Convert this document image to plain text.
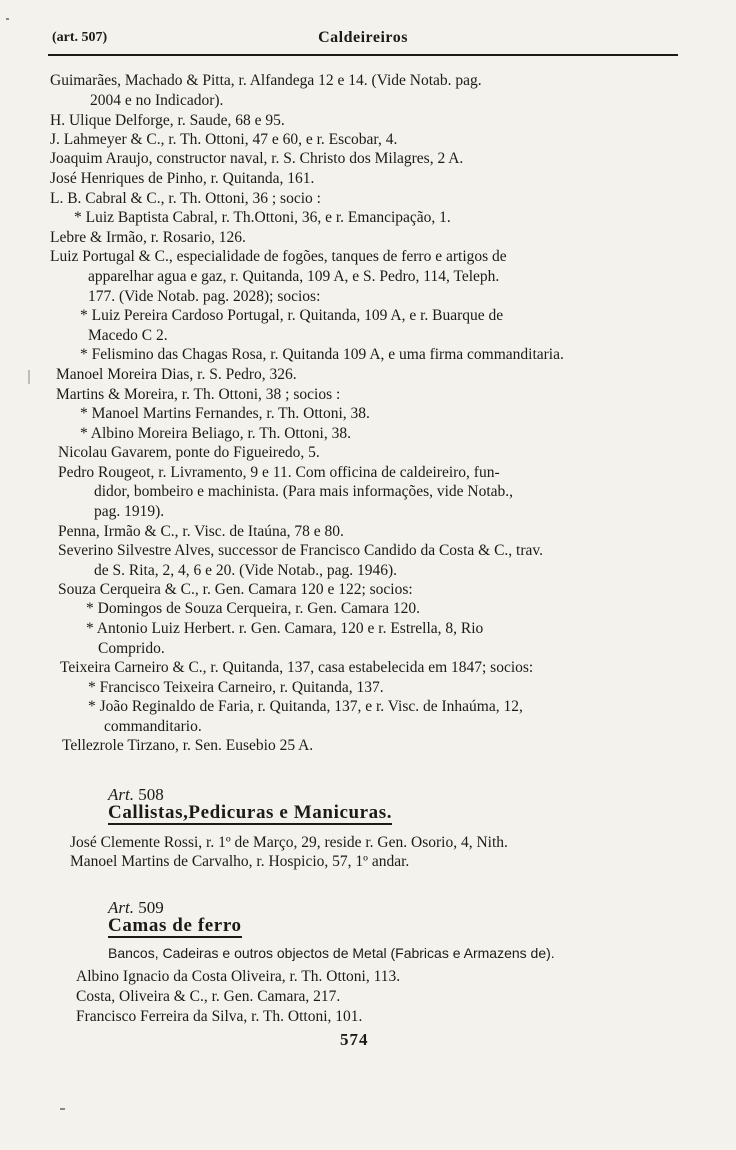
(art. 507)	Caldeireiros
Guimarães, Machado & Pitta, r. Alfandega 12 e 14. (Vide Notab. pag.
2004 e no Indicador).
H. Ulique Delforge, r. Saude, 68 e 95.
J. Lahmeyer & C., r. Th. Ottoni, 47 e 60, e r. Escobar, 4.
Joaquim Araujo, constructor naval, r. S. Christo dos Milagres, 2 A.
José Henriques de Pinho, r. Quitanda, 161.
L. B. Cabral & C., r. Th. Ottoni, 36 ; socio :
* Luiz Baptista Cabral, r. Th.Ottoni, 36, e r. Emancipação, 1.
Lebre & Irmão, r. Rosario, 126.
Luiz Portugal & C., especialidade de fogões, tanques de ferro e artigos de
apparelhar agua e gaz, r. Quitanda, 109 A, e S. Pedro, 114, Teleph.
177. (Vide Notab. pag. 2028); socios:
* Luiz Pereira Cardoso Portugal, r. Quitanda, 109 A, e r. Buarque de
Macedo C 2.
* Felismino das Chagas Rosa, r. Quitanda 109 A, e uma firma commanditaria.
Manoel Moreira Dias, r. S. Pedro, 326.
Martins & Moreira, r. Th. Ottoni, 38 ; socios :
* Manoel Martins Fernandes, r. Th. Ottoni, 38.
* Albino Moreira Beliago, r. Th. Ottoni, 38.
Nicolau Gavarem, ponte do Figueiredo, 5.
Pedro Rougeot, r. Livramento, 9 e 11. Com officina de caldeireiro, fun-
didor, bombeiro e machinista. (Para mais informações, vide Notab.,
pag. 1919).
Penna, Irmão & C., r. Visc. de Itaúna, 78 e 80.
Severino Silvestre Alves, successor de Francisco Candido da Costa & C., trav.
de S. Rita, 2, 4, 6 e 20. (Vide Notab., pag. 1946).
Souza Cerqueira & C., r. Gen. Camara 120 e 122; socios:
* Domingos de Souza Cerqueira, r. Gen. Camara 120.
* Antonio Luiz Herbert. r. Gen. Camara, 120 e r. Estrella, 8, Rio
Comprido.
Teixeira Carneiro & C., r. Quitanda, 137, casa estabelecida em 1847; socios:
* Francisco Teixeira Carneiro, r. Quitanda, 137.
* João Reginaldo de Faria, r. Quitanda, 137, e r. Visc. de Inhaúma, 12,
commanditario.
Tellezrole Tirzano, r. Sen. Eusebio 25 A.
Art. 508
Callistas,Pedicuras e Manicuras.
José Clemente Rossi, r. 1º de Março, 29, reside r. Gen. Osorio, 4, Nith.
Manoel Martins de Carvalho, r. Hospicio, 57, 1º andar.
Art. 509
Camas de ferro
Bancos, Cadeiras e outros objectos de Metal (Fabricas e Armazens de).
Albino Ignacio da Costa Oliveira, r. Th. Ottoni, 113.
Costa, Oliveira & C., r. Gen. Camara, 217.
Francisco Ferreira da Silva, r. Th. Ottoni, 101.
574
